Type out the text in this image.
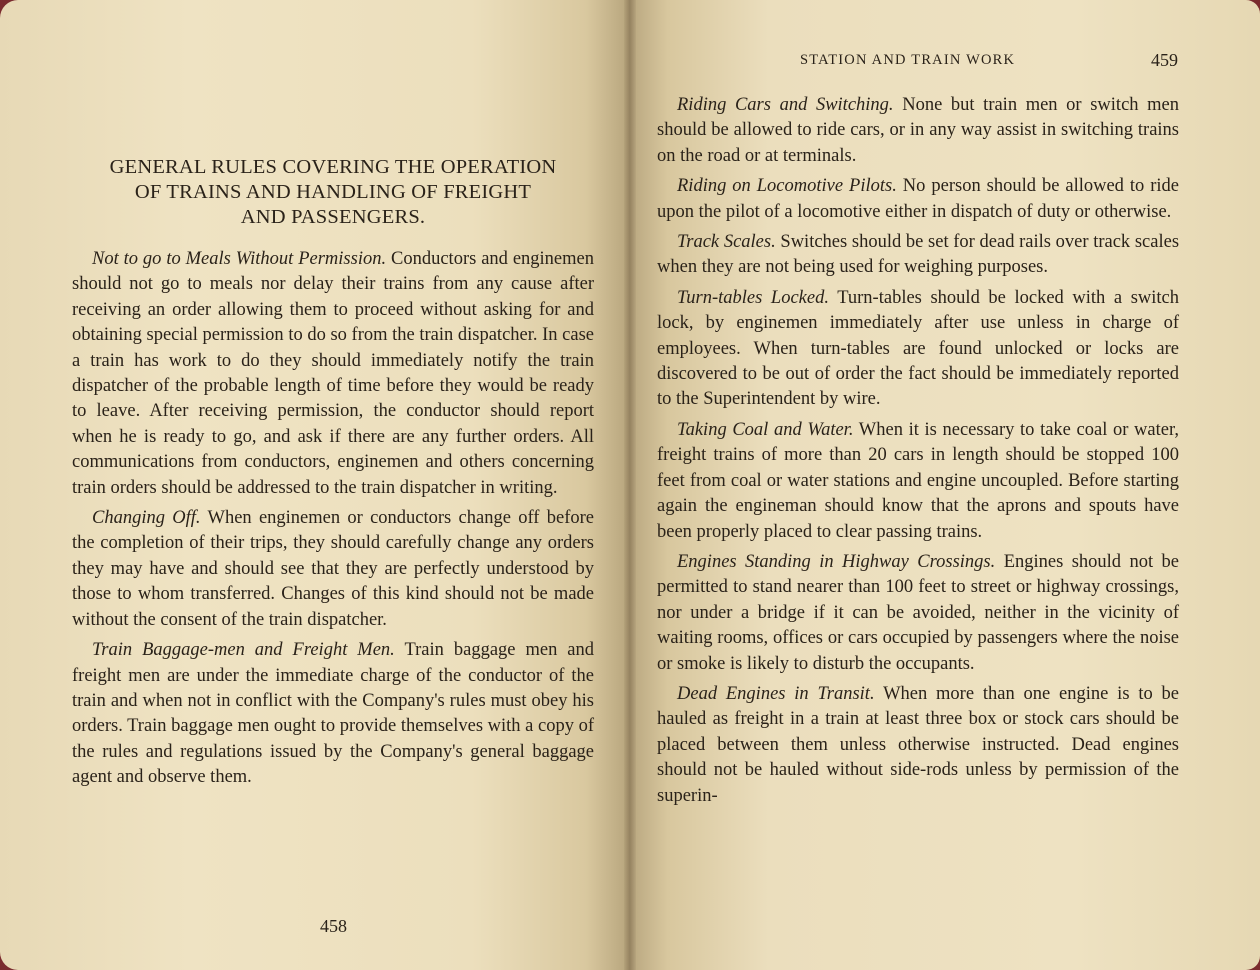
GENERAL RULES COVERING THE OPERATION
OF TRAINS AND HANDLING OF FREIGHT
AND PASSENGERS.

Not to go to Meals Without Permission. Conductors and enginemen should not go to meals nor delay their trains from any cause after receiving an order allowing them to proceed without asking for and obtaining special permission to do so from the train dispatcher. In case a train has work to do they should immediately notify the train dispatcher of the probable length of time before they would be ready to leave. After receiving permission, the conductor should report when he is ready to go, and ask if there are any further orders. All communications from conductors, enginemen and others concerning train orders should be addressed to the train dispatcher in writing.

Changing Off. When enginemen or conductors change off before the completion of their trips, they should carefully change any orders they may have and should see that they are perfectly understood by those to whom transferred. Changes of this kind should not be made without the consent of the train dispatcher.

Train Baggage-men and Freight Men. Train baggage men and freight men are under the immediate charge of the conductor of the train and when not in conflict with the Company's rules must obey his orders. Train baggage men ought to provide themselves with a copy of the rules and regulations issued by the Company's general baggage agent and observe them.

458
STATION AND TRAIN WORK	459

Riding Cars and Switching. None but train men or switch men should be allowed to ride cars, or in any way assist in switching trains on the road or at terminals.

Riding on Locomotive Pilots. No person should be allowed to ride upon the pilot of a locomotive either in dispatch of duty or otherwise.

Track Scales. Switches should be set for dead rails over track scales when they are not being used for weighing purposes.

Turn-tables Locked. Turn-tables should be locked with a switch lock, by enginemen immediately after use unless in charge of employees. When turn-tables are found unlocked or locks are discovered to be out of order the fact should be immediately reported to the Superintendent by wire.

Taking Coal and Water. When it is necessary to take coal or water, freight trains of more than 20 cars in length should be stopped 100 feet from coal or water stations and engine uncoupled. Before starting again the engineman should know that the aprons and spouts have been properly placed to clear passing trains.

Engines Standing in Highway Crossings. Engines should not be permitted to stand nearer than 100 feet to street or highway crossings, nor under a bridge if it can be avoided, neither in the vicinity of waiting rooms, offices or cars occupied by passengers where the noise or smoke is likely to disturb the occupants.

Dead Engines in Transit. When more than one engine is to be hauled as freight in a train at least three box or stock cars should be placed between them unless otherwise instructed. Dead engines should not be hauled without side-rods unless by permission of the superin-
